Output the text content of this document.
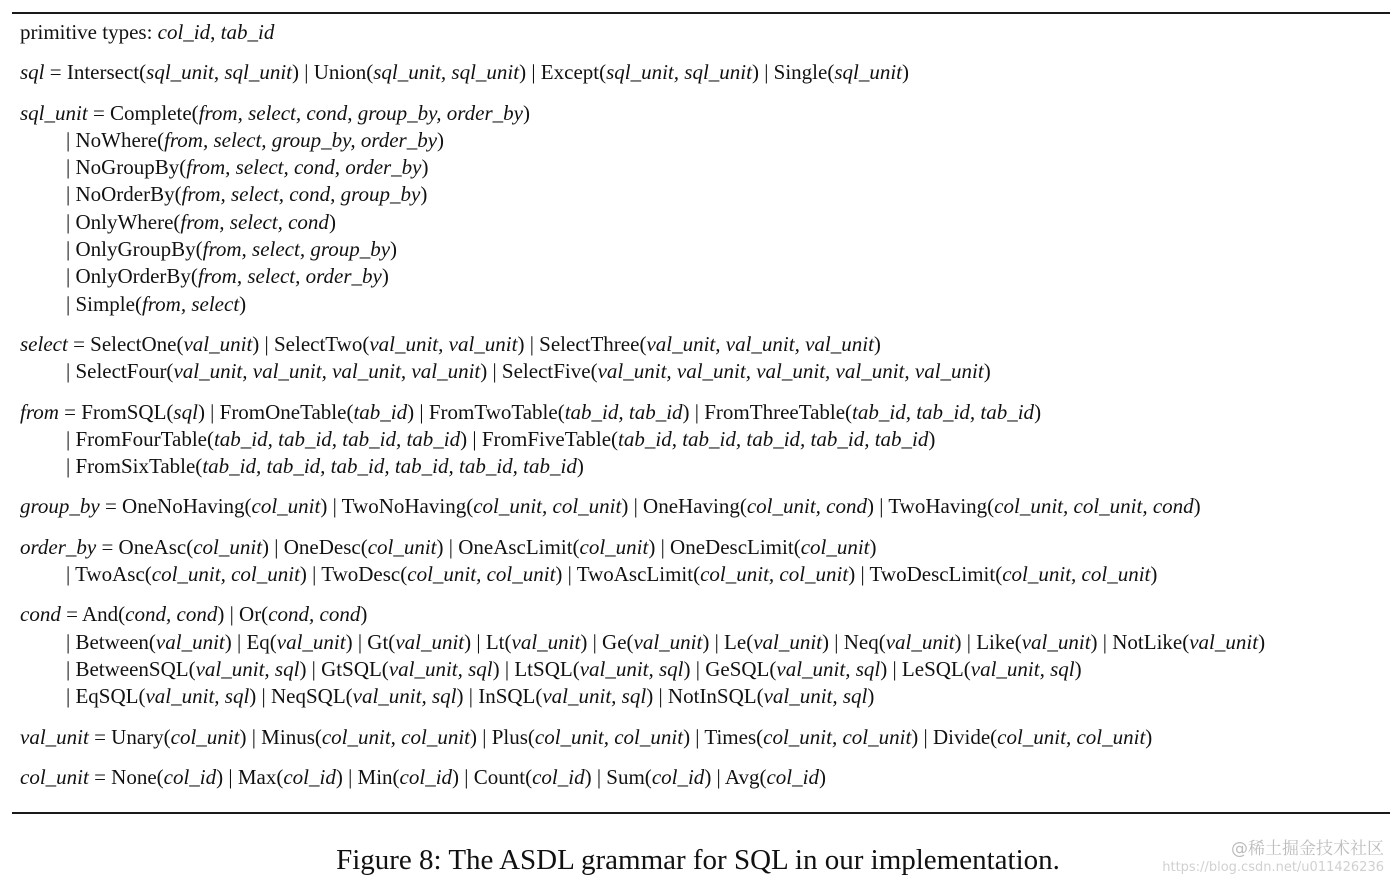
primitive types: col_id, tab_id
sql = Intersect(sql_unit, sql_unit) | Union(sql_unit, sql_unit) | Except(sql_unit, sql_unit) | Single(sql_unit)
sql_unit = Complete(from, select, cond, group_by, order_by)
| NoWhere(from, select, group_by, order_by)
| NoGroupBy(from, select, cond, order_by)
| NoOrderBy(from, select, cond, group_by)
| OnlyWhere(from, select, cond)
| OnlyGroupBy(from, select, group_by)
| OnlyOrderBy(from, select, order_by)
| Simple(from, select)
select = SelectOne(val_unit) | SelectTwo(val_unit, val_unit) | SelectThree(val_unit, val_unit, val_unit)
| SelectFour(val_unit, val_unit, val_unit, val_unit) | SelectFive(val_unit, val_unit, val_unit, val_unit, val_unit)
from = FromSQL(sql) | FromOneTable(tab_id) | FromTwoTable(tab_id, tab_id) | FromThreeTable(tab_id, tab_id, tab_id)
| FromFourTable(tab_id, tab_id, tab_id, tab_id) | FromFiveTable(tab_id, tab_id, tab_id, tab_id, tab_id)
| FromSixTable(tab_id, tab_id, tab_id, tab_id, tab_id, tab_id)
group_by = OneNoHaving(col_unit) | TwoNoHaving(col_unit, col_unit) | OneHaving(col_unit, cond) | TwoHaving(col_unit, col_unit, cond)
order_by = OneAsc(col_unit) | OneDesc(col_unit) | OneAscLimit(col_unit) | OneDescLimit(col_unit)
| TwoAsc(col_unit, col_unit) | TwoDesc(col_unit, col_unit) | TwoAscLimit(col_unit, col_unit) | TwoDescLimit(col_unit, col_unit)
cond = And(cond, cond) | Or(cond, cond)
| Between(val_unit) | Eq(val_unit) | Gt(val_unit) | Lt(val_unit) | Ge(val_unit) | Le(val_unit) | Neq(val_unit) | Like(val_unit) | NotLike(val_unit)
| BetweenSQL(val_unit, sql) | GtSQL(val_unit, sql) | LtSQL(val_unit, sql) | GeSQL(val_unit, sql) | LeSQL(val_unit, sql)
| EqSQL(val_unit, sql) | NeqSQL(val_unit, sql) | InSQL(val_unit, sql) | NotInSQL(val_unit, sql)
val_unit = Unary(col_unit) | Minus(col_unit, col_unit) | Plus(col_unit, col_unit) | Times(col_unit, col_unit) | Divide(col_unit, col_unit)
col_unit = None(col_id) | Max(col_id) | Min(col_id) | Count(col_id) | Sum(col_id) | Avg(col_id)
Figure 8: The ASDL grammar for SQL in our implementation.	@稀土掘金技术社区
https://blog.csdn.net/u011426236
